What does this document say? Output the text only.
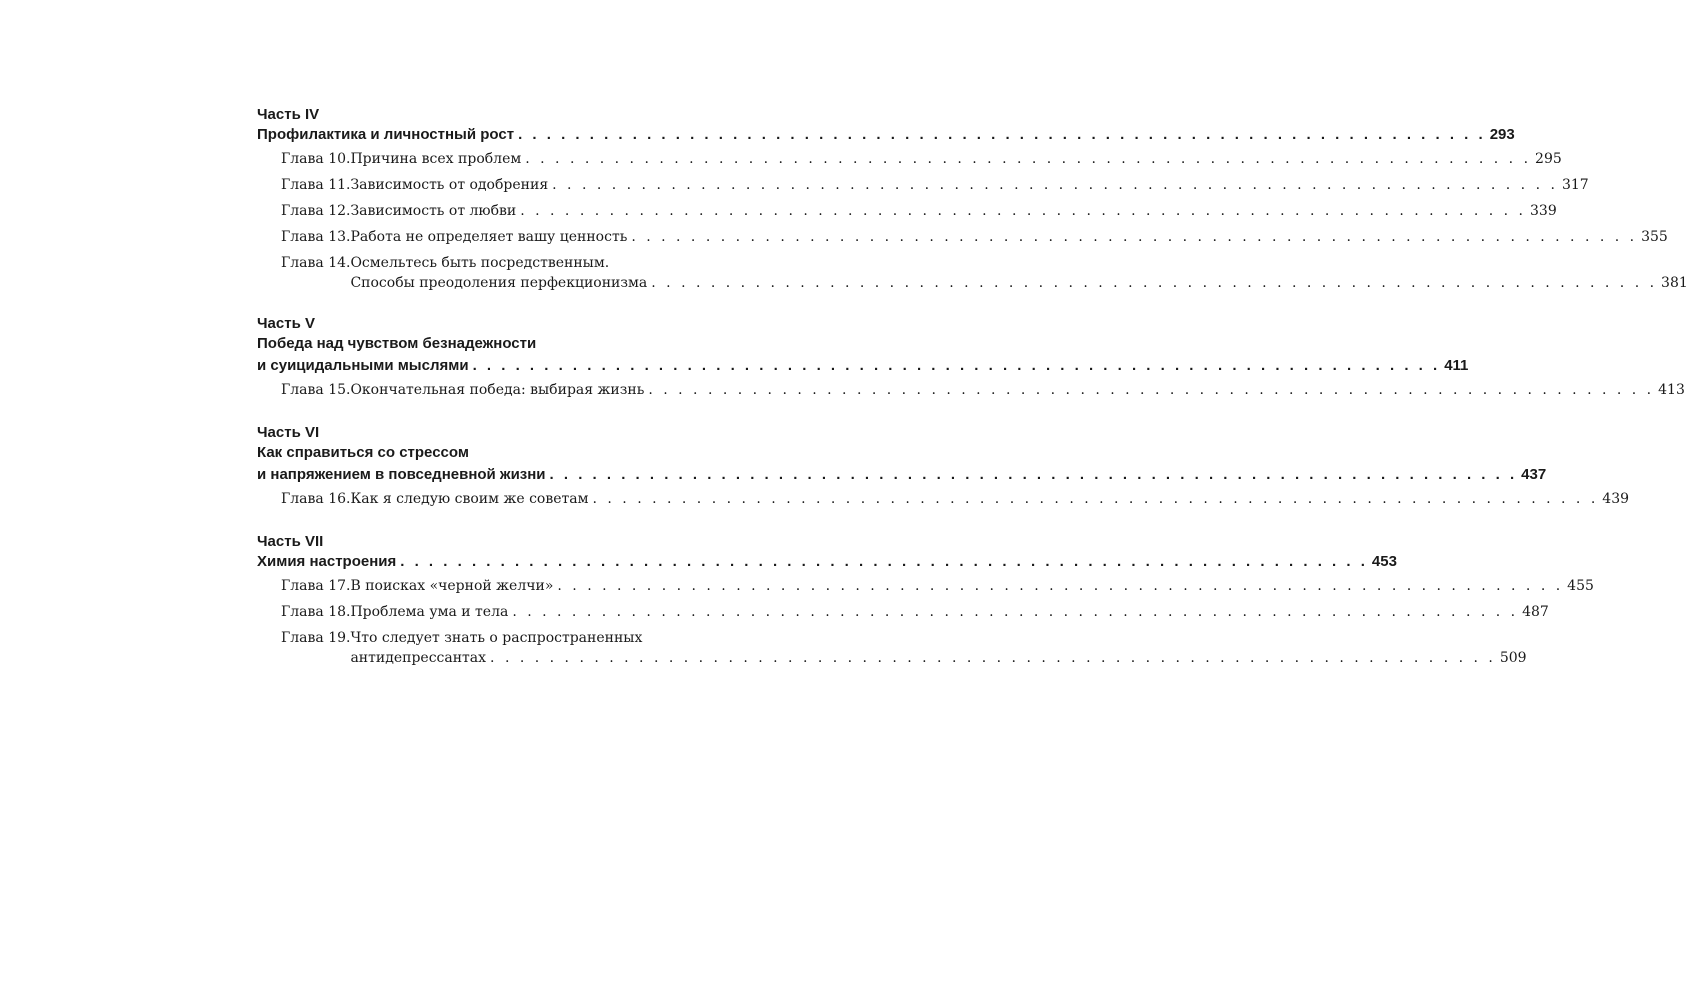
Часть IV
Профилактика и личностный рост . . . . . . . . . . . . . . . . . . . . . . . . . . . . . . . . . . . . . . . . . . . . . . . . . . . . . . . . . . . . . . . . . . . . 293
Глава 10. Причина всех проблем . . . . . . . . . . . . . . . . . . . . . . . . . . . . . . . . . . . . . . . . . . . . . . . . . . . . . . . . . . . . . . . . . . . . 295
Глава 11. Зависимость от одобрения . . . . . . . . . . . . . . . . . . . . . . . . . . . . . . . . . . . . . . . . . . . . . . . . . . . . . . . . . . . . . . . . . . . . 317
Глава 12. Зависимость от любви . . . . . . . . . . . . . . . . . . . . . . . . . . . . . . . . . . . . . . . . . . . . . . . . . . . . . . . . . . . . . . . . . . . . 339
Глава 13. Работа не определяет вашу ценность . . . . . . . . . . . . . . . . . . . . . . . . . . . . . . . . . . . . . . . . . . . . . . . . . . . . . . . . . . . . . . . . . . . . 355
Глава 14. Осмельтесь быть посредственным.
Способы преодоления перфекционизма . . . . . . . . . . . . . . . . . . . . . . . . . . . . . . . . . . . . . . . . . . . . . . . . . . . . . . . . . . . . . . . . . . . . 381
Часть V
Победа над чувством безнадежности
и суицидальными мыслями . . . . . . . . . . . . . . . . . . . . . . . . . . . . . . . . . . . . . . . . . . . . . . . . . . . . . . . . . . . . . . . . . . . . 411
Глава 15. Окончательная победа: выбирая жизнь . . . . . . . . . . . . . . . . . . . . . . . . . . . . . . . . . . . . . . . . . . . . . . . . . . . . . . . . . . . . . . . . . . . . 413
Часть VI
Как справиться со стрессом
и напряжением в повседневной жизни . . . . . . . . . . . . . . . . . . . . . . . . . . . . . . . . . . . . . . . . . . . . . . . . . . . . . . . . . . . . . . . . . . . . 437
Глава 16. Как я следую своим же советам . . . . . . . . . . . . . . . . . . . . . . . . . . . . . . . . . . . . . . . . . . . . . . . . . . . . . . . . . . . . . . . . . . . . 439
Часть VII
Химия настроения . . . . . . . . . . . . . . . . . . . . . . . . . . . . . . . . . . . . . . . . . . . . . . . . . . . . . . . . . . . . . . . . . . . . 453
Глава 17. В поисках «черной желчи» . . . . . . . . . . . . . . . . . . . . . . . . . . . . . . . . . . . . . . . . . . . . . . . . . . . . . . . . . . . . . . . . . . . . 455
Глава 18. Проблема ума и тела . . . . . . . . . . . . . . . . . . . . . . . . . . . . . . . . . . . . . . . . . . . . . . . . . . . . . . . . . . . . . . . . . . . . 487
Глава 19. Что следует знать о распространенных
антидепрессантах . . . . . . . . . . . . . . . . . . . . . . . . . . . . . . . . . . . . . . . . . . . . . . . . . . . . . . . . . . . . . . . . . . . . 509
